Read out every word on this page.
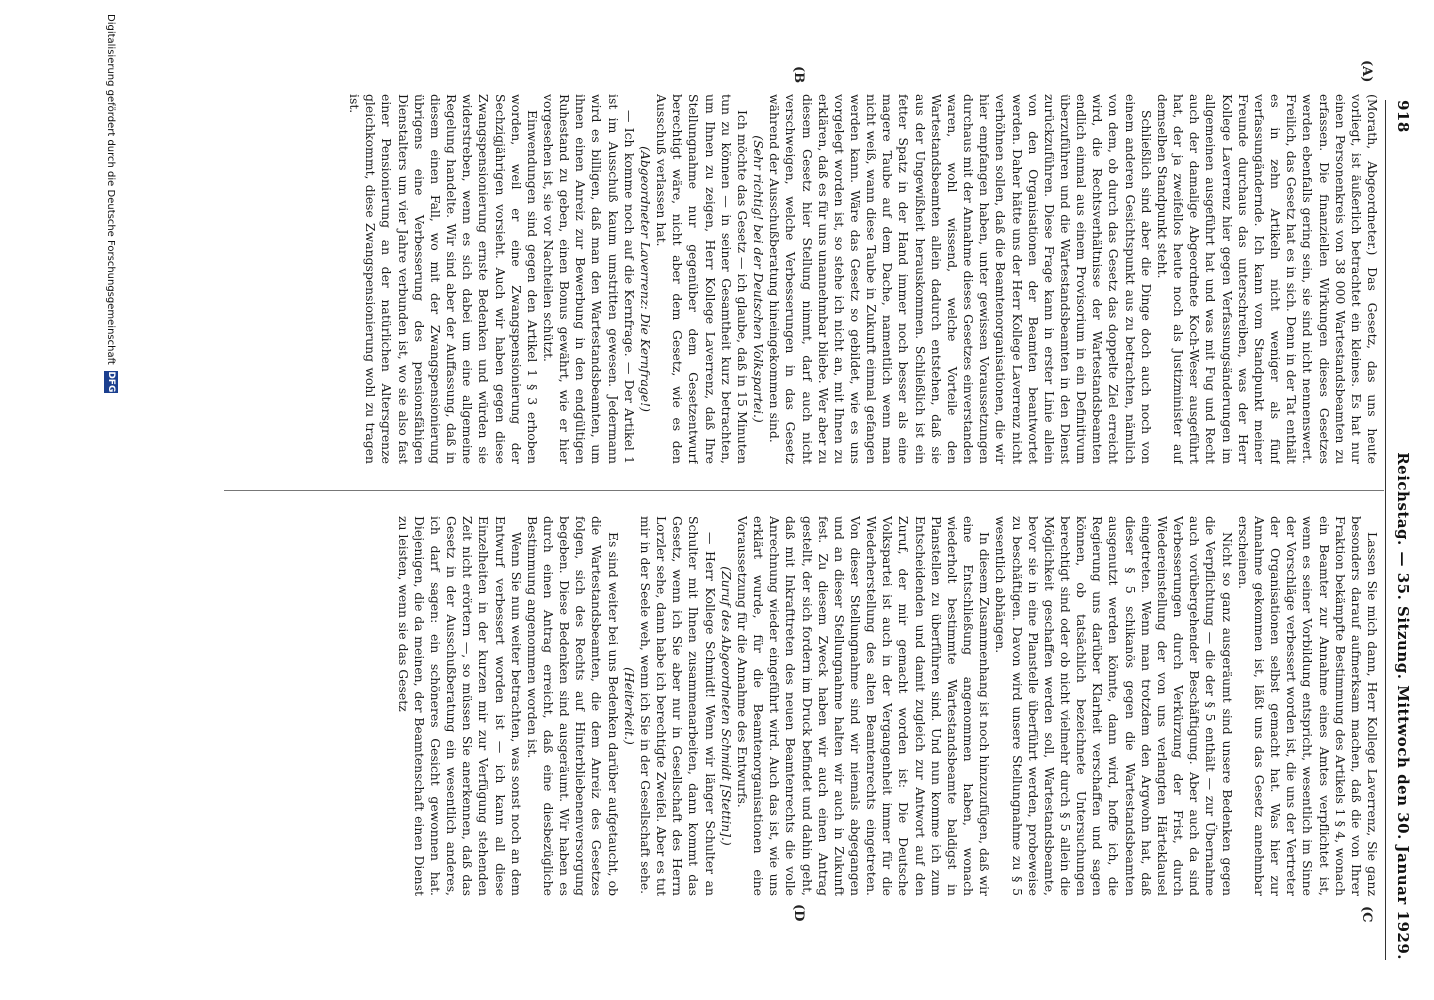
918
Reichstag. — 35. Sitzung. Mittwoch den 30. Januar 1929.
(A)
(B
(C
(D

(Morath, Abgeordneter.) Das Gesetz, das uns heute vorliegt, ist äußerlich betrachtet ein kleines. Es hat nur einen Personenkreis von 38 000 Wartestandsbeamten zu erfassen. Die finanziellen Wirkungen dieses Gesetzes werden ebenfalls gering sein, sie sind nicht nennenswert. Freilich, das Gesetz hat es in sich. Denn in der Tat enthält es in zehn Artikeln nicht weniger als fünf verfassungändernde. Ich kann vom Standpunkt meiner Freunde durchaus das unterschreiben, was der Herr Kollege Laverrenz hier gegen Verfassungsänderungen im allgemeinen ausgeführt hat und was mit Fug und Recht auch der damalige Abgeordnete Koch-Weser ausgeführt hat, der ja zweifellos heute noch als Justizminister auf demselben Standpunkt steht.

Schließlich sind aber die Dinge doch auch noch von einem anderen Gesichtspunkt aus zu betrachten, nämlich von dem, ob durch das Gesetz das doppelte Ziel erreicht wird, die Rechtsverhältnisse der Wartestandsbeamten endlich einmal aus einem Provisorium in ein Definitivum überzuführen und die Wartestandsbeamten in den Dienst zurückzuführen. Diese Frage kann in erster Linie allein von den Organisationen der Beamten beantwortet werden. Daher hätte uns der Herr Kollege Laverrenz nicht verhöhnen sollen, daß die Beamtenorganisationen, die wir hier empfangen haben, unter gewissen Voraussetzungen durchaus mit der Annahme dieses Gesetzes einverstanden waren, wohl wissend, welche Vorteile den Wartestandsbeamten allein dadurch entstehen, daß sie aus der Ungewißheit herauskommen. Schließlich ist ein fetter Spatz in der Hand immer noch besser als eine magere Taube auf dem Dache, namentlich wenn man nicht weiß, wann diese Taube in Zukunft einmal gefangen werden kann. Wäre das Gesetz so gebildet, wie es uns vorgelegt worden ist, so stehe ich nicht an, mit Ihnen zu erklären, daß es für uns unannehmbar bliebe. Wer aber zu diesem Gesetz hier Stellung nimmt, darf auch nicht verschweigen, welche Verbesserungen in das Gesetz während der Ausschußberatung hineingekommen sind.

(Sehr richtig! bei der Deutschen Volkspartei.)

Ich möchte das Gesetz — ich glaube, daß in 15 Minuten tun zu können — in seiner Gesamtheit kurz betrachten, um Ihnen zu zeigen, Herr Kollege Laverrenz, daß Ihre Stellungnahme nur gegenüber dem Gesetzentwurf berechtigt wäre, nicht aber dem Gesetz, wie es den Ausschuß verlassen hat.

(Abgeordneter Laverrenz: Die Kernfrage!)

— Ich komme noch auf die Kernfrage. — Der Artikel 1 ist im Ausschuß kaum umstritten gewesen. Jedermann wird es billigen, daß man den Wartestandsbeamten, um ihnen einen Anreiz zur Bewerbung in den endgültigen Ruhestand zu geben, einen Bonus gewährt, wie er hier vorgesehen ist, sie vor Nachteilen schützt.

Einwendungen sind gegen den Artikel 1 § 3 erhoben worden, weil er eine Zwangspensionierung der Sechzigjährigen vorsieht. Auch wir haben gegen diese Zwangspensionierung ernste Bedenken und würden sie widerstreben, wenn es sich dabei um eine allgemeine Regelung handelte. Wir sind aber der Auffassung, daß in diesem einen Fall, wo mit der Zwangspensionierung übrigens eine Verbesserung des pensionsfähigen Dienstalters um vier Jahre verbunden ist, wo sie also fast einer Pensionierung an der natürlichen Altersgrenze gleichkommt, diese Zwangspensionierung wohl zu tragen ist.

Lassen Sie mich dann, Herr Kollege Laverrenz, Sie ganz besonders darauf aufmerksam machen, daß die von Ihrer Fraktion bekämpfte Bestimmung des Artikels 1 § 4, wonach ein Beamter zur Annahme eines Amtes verpflichtet ist, wenn es seiner Vorbildung entspricht, wesentlich im Sinne der Vorschläge verbessert worden ist, die uns der Vertreter der Organisationen selbst gemacht hat. Was hier zur Annahme gekommen ist, läßt uns das Gesetz annehmbar erscheinen.

Nicht so ganz ausgeräumt sind unsere Bedenken gegen die Verpflichtung — die der § 5 enthält — zur Übernahme auch vorübergehender Beschäftigung. Aber auch da sind Verbesserungen durch Verkürzung der Frist, durch Wiedereinstellung der von uns verlangten Härteklausel eingetreten. Wenn man trotzdem den Argwohn hat, daß dieser § 5 schikanös gegen die Wartestandsbeamten ausgenutzt werden könnte, dann wird, hoffe ich, die Regierung uns darüber Klarheit verschaffen und sagen können, ob tatsächlich bezeichnete Untersuchungen berechtigt sind oder ob nicht vielmehr durch § 5 allein die Möglichkeit geschaffen werden soll, Wartestandsbeamte, bevor sie in eine Planstelle überführt werden, probeweise zu beschäftigen. Davon wird unsere Stellungnahme zu § 5 wesentlich abhängen.

In diesem Zusammenhang ist noch hinzuzufügen, daß wir eine Entschließung angenommen haben, wonach wiederholt bestimmte Wartestandsbeamte baldigst in Planstellen zu überführen sind. Und nun komme ich zum Entscheidenden und damit zugleich zur Antwort auf den Zuruf, der mir gemacht worden ist: Die Deutsche Volkspartei ist auch in der Vergangenheit immer für die Wiederherstellung des alten Beamtenrechts eingetreten. Von dieser Stellungnahme sind wir niemals abgegangen und an dieser Stellungnahme halten wir auch in Zukunft fest. Zu diesem Zweck haben wir auch einen Antrag gestellt, der sich fordern im Druck befindet und dahin geht, daß mit Inkrafttreten des neuen Beamtenrechts die volle Anrechnung wieder eingeführt wird. Auch das ist, wie uns erklärt wurde, für die Beamtenorganisationen eine Voraussetzung für die Annahme des Entwurfs.

(Zuruf des Abgeordneten Schmidt [Stettin].)

— Herr Kollege Schmidt! Wenn wir länger Schulter an Schulter mit Ihnen zusammenarbeiten, dann kommt das Gesetz, wenn ich Sie aber nur in Gesellschaft des Herrn Lorzler sehe, dann habe ich berechtigte Zweifel. Aber es tut mir in der Seele weh, wenn ich Sie in der Gesellschaft sehe.

(Heiterkeit.)

Es sind weiter bei uns Bedenken darüber aufgetaucht, ob die Wartestandsbeamten, die dem Anreiz des Gesetzes folgen, sich des Rechts auf Hinterbliebenenversorgung begeben. Diese Bedenken sind ausgeräumt. Wir haben es durch einen Antrag erreicht, daß eine diesbezügliche Bestimmung angenommen worden ist.

Wenn Sie nun weiter betrachten, was sonst noch an dem Entwurf verbessert worden ist — ich kann all diese Einzelheiten in der kurzen mir zur Verfügung stehenden Zeit nicht erörtern —, so müssen Sie anerkennen, daß das Gesetz in der Ausschußberatung ein wesentlich anderes, ich darf sagen: ein schöneres Gesicht gewonnen hat. Diejenigen, die da meinen, der Beamtenschaft einen Dienst zu leisten, wenn sie das Gesetz

Digitalisierung gefördert durch die Deutsche Forschungsgemeinschaft
DFG
